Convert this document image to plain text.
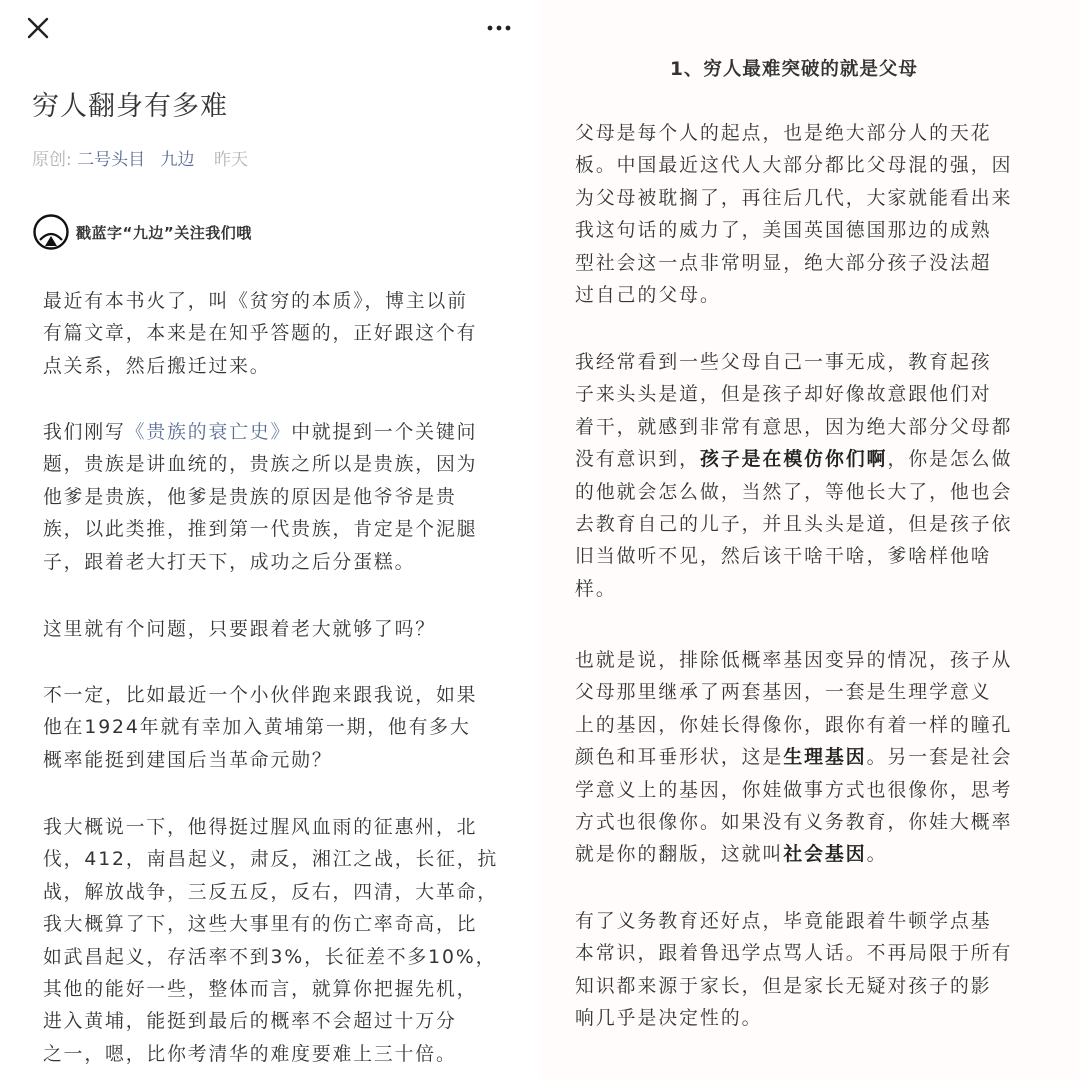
穷人翻身有多难
原创: 二号头目 九边 昨天
戳蓝字“九边”关注我们哦
最近有本书火了，叫《贫穷的本质》，博主以前
有篇文章，本来是在知乎答题的，正好跟这个有
点关系，然后搬迁过来。
我们刚写《贵族的衰亡史》中就提到一个关键问
题，贵族是讲血统的，贵族之所以是贵族，因为
他爹是贵族，他爹是贵族的原因是他爷爷是贵
族，以此类推，推到第一代贵族，肯定是个泥腿
子，跟着老大打天下，成功之后分蛋糕。
这里就有个问题，只要跟着老大就够了吗？
不一定，比如最近一个小伙伴跑来跟我说，如果
他在1924年就有幸加入黄埔第一期，他有多大
概率能挺到建国后当革命元勋？
我大概说一下，他得挺过腥风血雨的征惠州，北
伐，412，南昌起义，肃反，湘江之战，长征，抗
战，解放战争，三反五反，反右，四清，大革命，
我大概算了下，这些大事里有的伤亡率奇高，比
如武昌起义，存活率不到3%，长征差不多10%，
其他的能好一些，整体而言，就算你把握先机，
进入黄埔，能挺到最后的概率不会超过十万分
之一，嗯，比你考清华的难度要难上三十倍。
1、穷人最难突破的就是父母
父母是每个人的起点，也是绝大部分人的天花
板。中国最近这代人大部分都比父母混的强，因
为父母被耽搁了，再往后几代，大家就能看出来
我这句话的威力了，美国英国德国那边的成熟
型社会这一点非常明显，绝大部分孩子没法超
过自己的父母。
我经常看到一些父母自己一事无成，教育起孩
子来头头是道，但是孩子却好像故意跟他们对
着干，就感到非常有意思，因为绝大部分父母都
没有意识到，孩子是在模仿你们啊，你是怎么做
的他就会怎么做，当然了，等他长大了，他也会
去教育自己的儿子，并且头头是道，但是孩子依
旧当做听不见，然后该干啥干啥，爹啥样他啥
样。
也就是说，排除低概率基因变异的情况，孩子从
父母那里继承了两套基因，一套是生理学意义
上的基因，你娃长得像你，跟你有着一样的瞳孔
颜色和耳垂形状，这是生理基因。另一套是社会
学意义上的基因，你娃做事方式也很像你，思考
方式也很像你。如果没有义务教育，你娃大概率
就是你的翻版，这就叫社会基因。
有了义务教育还好点，毕竟能跟着牛顿学点基
本常识，跟着鲁迅学点骂人话。不再局限于所有
知识都来源于家长，但是家长无疑对孩子的影
响几乎是决定性的。
